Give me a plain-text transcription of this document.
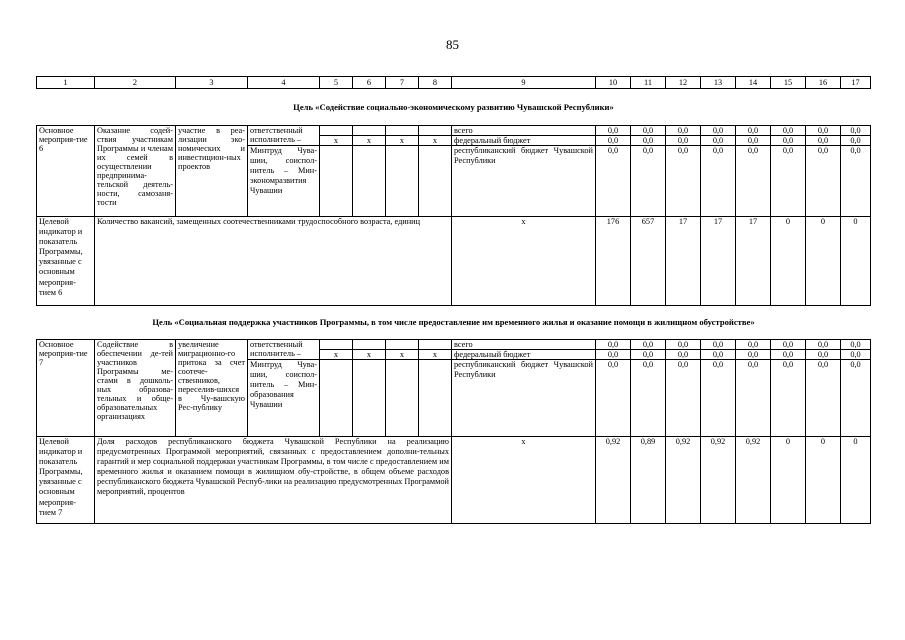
85
1	2	3	4	5	6	7	8	9	10	11	12	13	14	15	16	17
Цель «Содействие социально-экономическому развитию Чувашской Республики»																
Основное мероприя-тие 6	Оказание содей-ствия участникам Программы и членам их семей в осуществлении предпринима-тельской деятель-ности, самозаня-тости	участие в реа-лизации эко-номических и инвестицион-ных проектов	ответственный исполнитель –					всего	0,0	0,0	0,0	0,0	0,0	0,0	0,0	0,0
				x	x	x	x	федеральный бюджет	0,0	0,0	0,0	0,0	0,0	0,0	0,0	0,0
			Минтруд Чува-шии, соиспол-нитель – Мин-экономразвития Чувашии					республиканский бюджет Чувашской Республики	0,0	0,0	0,0	0,0	0,0	0,0	0,0	0,0
Целевой индикатор и показатель Программы, увязанные с основным мероприя-тием 6	Количество вакансий, замещенных соотечественниками трудоспособного возраста, единиц							x	176	657	17	17	17	0	0	0
Цель «Социальная поддержка участников Программы, в том числе предоставление им временного жилья и оказание помощи в жилищном обустройстве»																
Основное мероприя-тие 7	Содействие в обеспечении де-тей участников Программы ме-стами в дошколь-ных образова-тельных и обще-образовательных организациях	увеличение миграционно-го притока за счет соотече-ственников, переселив-шихся в Чу-вашскую Рес-публику	ответственный исполнитель –					всего	0,0	0,0	0,0	0,0	0,0	0,0	0,0	0,0
				x	x	x	x	федеральный бюджет	0,0	0,0	0,0	0,0	0,0	0,0	0,0	0,0
			Минтруд Чува-шии, соиспол-нитель – Мин-образования Чувашии					республиканский бюджет Чувашской Республики	0,0	0,0	0,0	0,0	0,0	0,0	0,0	0,0
Целевой индикатор и показатель Программы, увязанные с основным мероприя-тием 7	Доля расходов республиканского бюджета Чувашской Республики на реализацию предусмотренных Программой мероприятий, связанных с предоставлением дополни-тельных гарантий и мер социальной поддержки участникам Программы, в том числе с предоставлением им временного жилья и оказанием помощи в жилищном обу-стройстве, в общем объеме расходов республиканского бюджета Чувашской Респуб-лики на реализацию предусмотренных Программой мероприятий, процентов							x	0,92	0,89	0,92	0,92	0,92	0	0	0
